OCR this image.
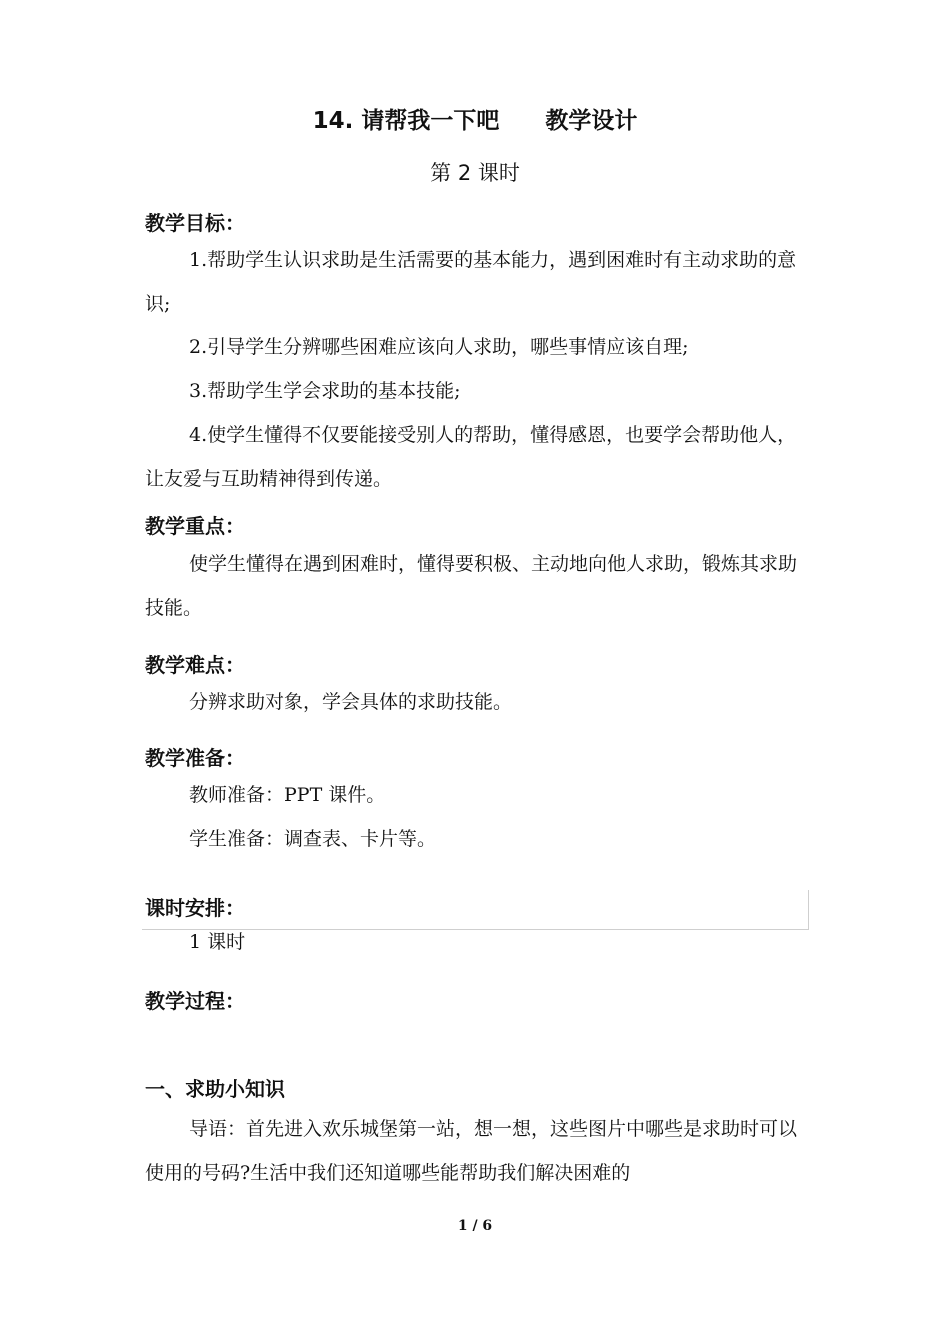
14. 请帮我一下吧 教学设计
第 2 课时
教学目标：
1.帮助学生认识求助是生活需要的基本能力，遇到困难时有主动求助的意识;
2.引导学生分辨哪些困难应该向人求助，哪些事情应该自理;
3.帮助学生学会求助的基本技能;
4.使学生懂得不仅要能接受别人的帮助，懂得感恩，也要学会帮助他人，让友爱与互助精神得到传递。
教学重点：
使学生懂得在遇到困难时，懂得要积极、主动地向他人求助，锻炼其求助技能。
教学难点：
分辨求助对象，学会具体的求助技能。
教学准备：
教师准备：PPT 课件。
学生准备：调查表、卡片等。
课时安排：
1 课时
教学过程：
一、求助小知识
导语：首先进入欢乐城堡第一站，想一想，这些图片中哪些是求助时可以使用的号码?生活中我们还知道哪些能帮助我们解决困难的
1 / 6
